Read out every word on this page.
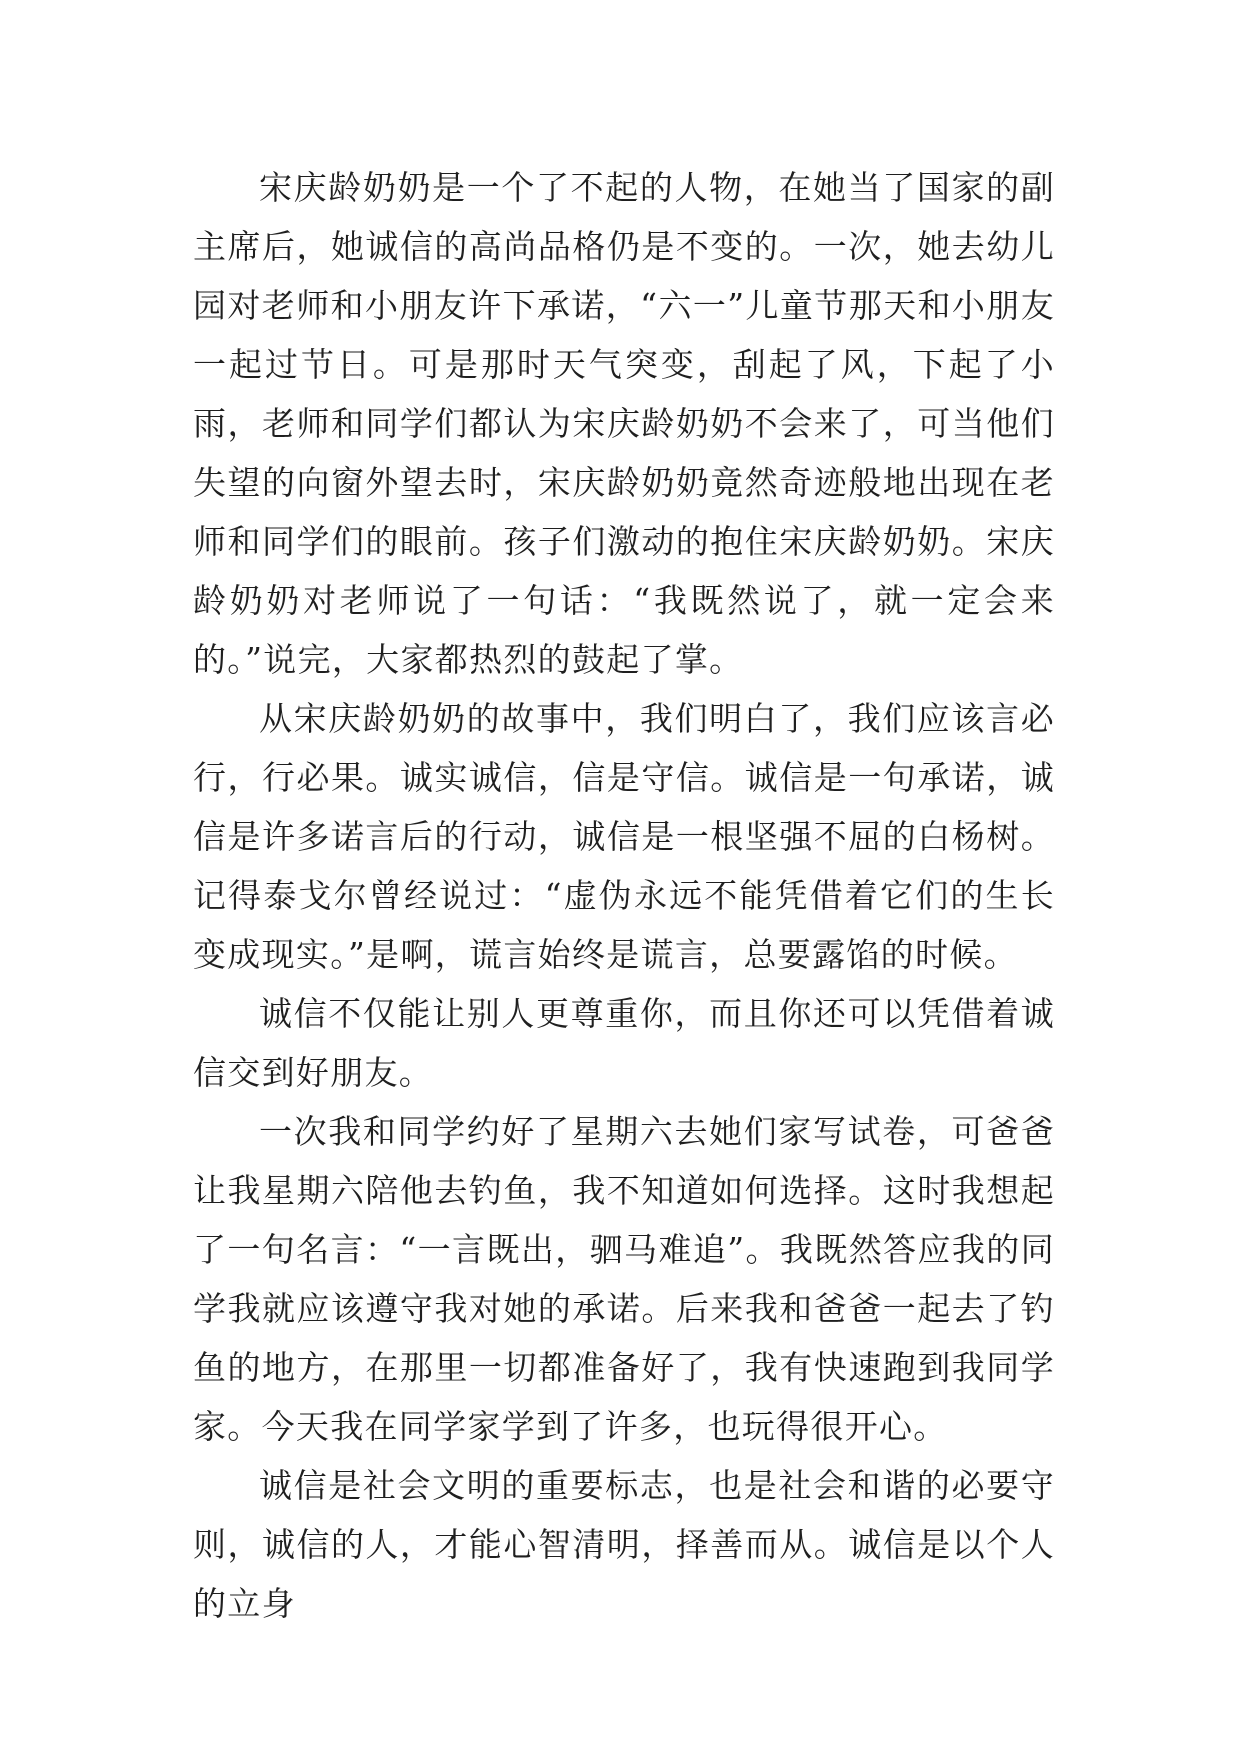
宋庆龄奶奶是一个了不起的人物，在她当了国家的副主席后，她诚信的高尚品格仍是不变的。一次，她去幼儿园对老师和小朋友许下承诺，“六一”儿童节那天和小朋友一起过节日。可是那时天气突变，刮起了风，下起了小雨，老师和同学们都认为宋庆龄奶奶不会来了，可当他们失望的向窗外望去时，宋庆龄奶奶竟然奇迹般地出现在老师和同学们的眼前。孩子们激动的抱住宋庆龄奶奶。宋庆龄奶奶对老师说了一句话：“我既然说了，就一定会来的。”说完，大家都热烈的鼓起了掌。

从宋庆龄奶奶的故事中，我们明白了，我们应该言必行，行必果。诚实诚信，信是守信。诚信是一句承诺，诚信是许多诺言后的行动，诚信是一根坚强不屈的白杨树。记得泰戈尔曾经说过：“虚伪永远不能凭借着它们的生长变成现实。”是啊，谎言始终是谎言，总要露馅的时候。

诚信不仅能让别人更尊重你，而且你还可以凭借着诚信交到好朋友。

一次我和同学约好了星期六去她们家写试卷，可爸爸让我星期六陪他去钓鱼，我不知道如何选择。这时我想起了一句名言：“一言既出，驷马难追”。我既然答应我的同学我就应该遵守我对她的承诺。后来我和爸爸一起去了钓鱼的地方，在那里一切都准备好了，我有快速跑到我同学家。今天我在同学家学到了许多，也玩得很开心。

诚信是社会文明的重要标志，也是社会和谐的必要守则，诚信的人，才能心智清明，择善而从。诚信是以个人的立身
